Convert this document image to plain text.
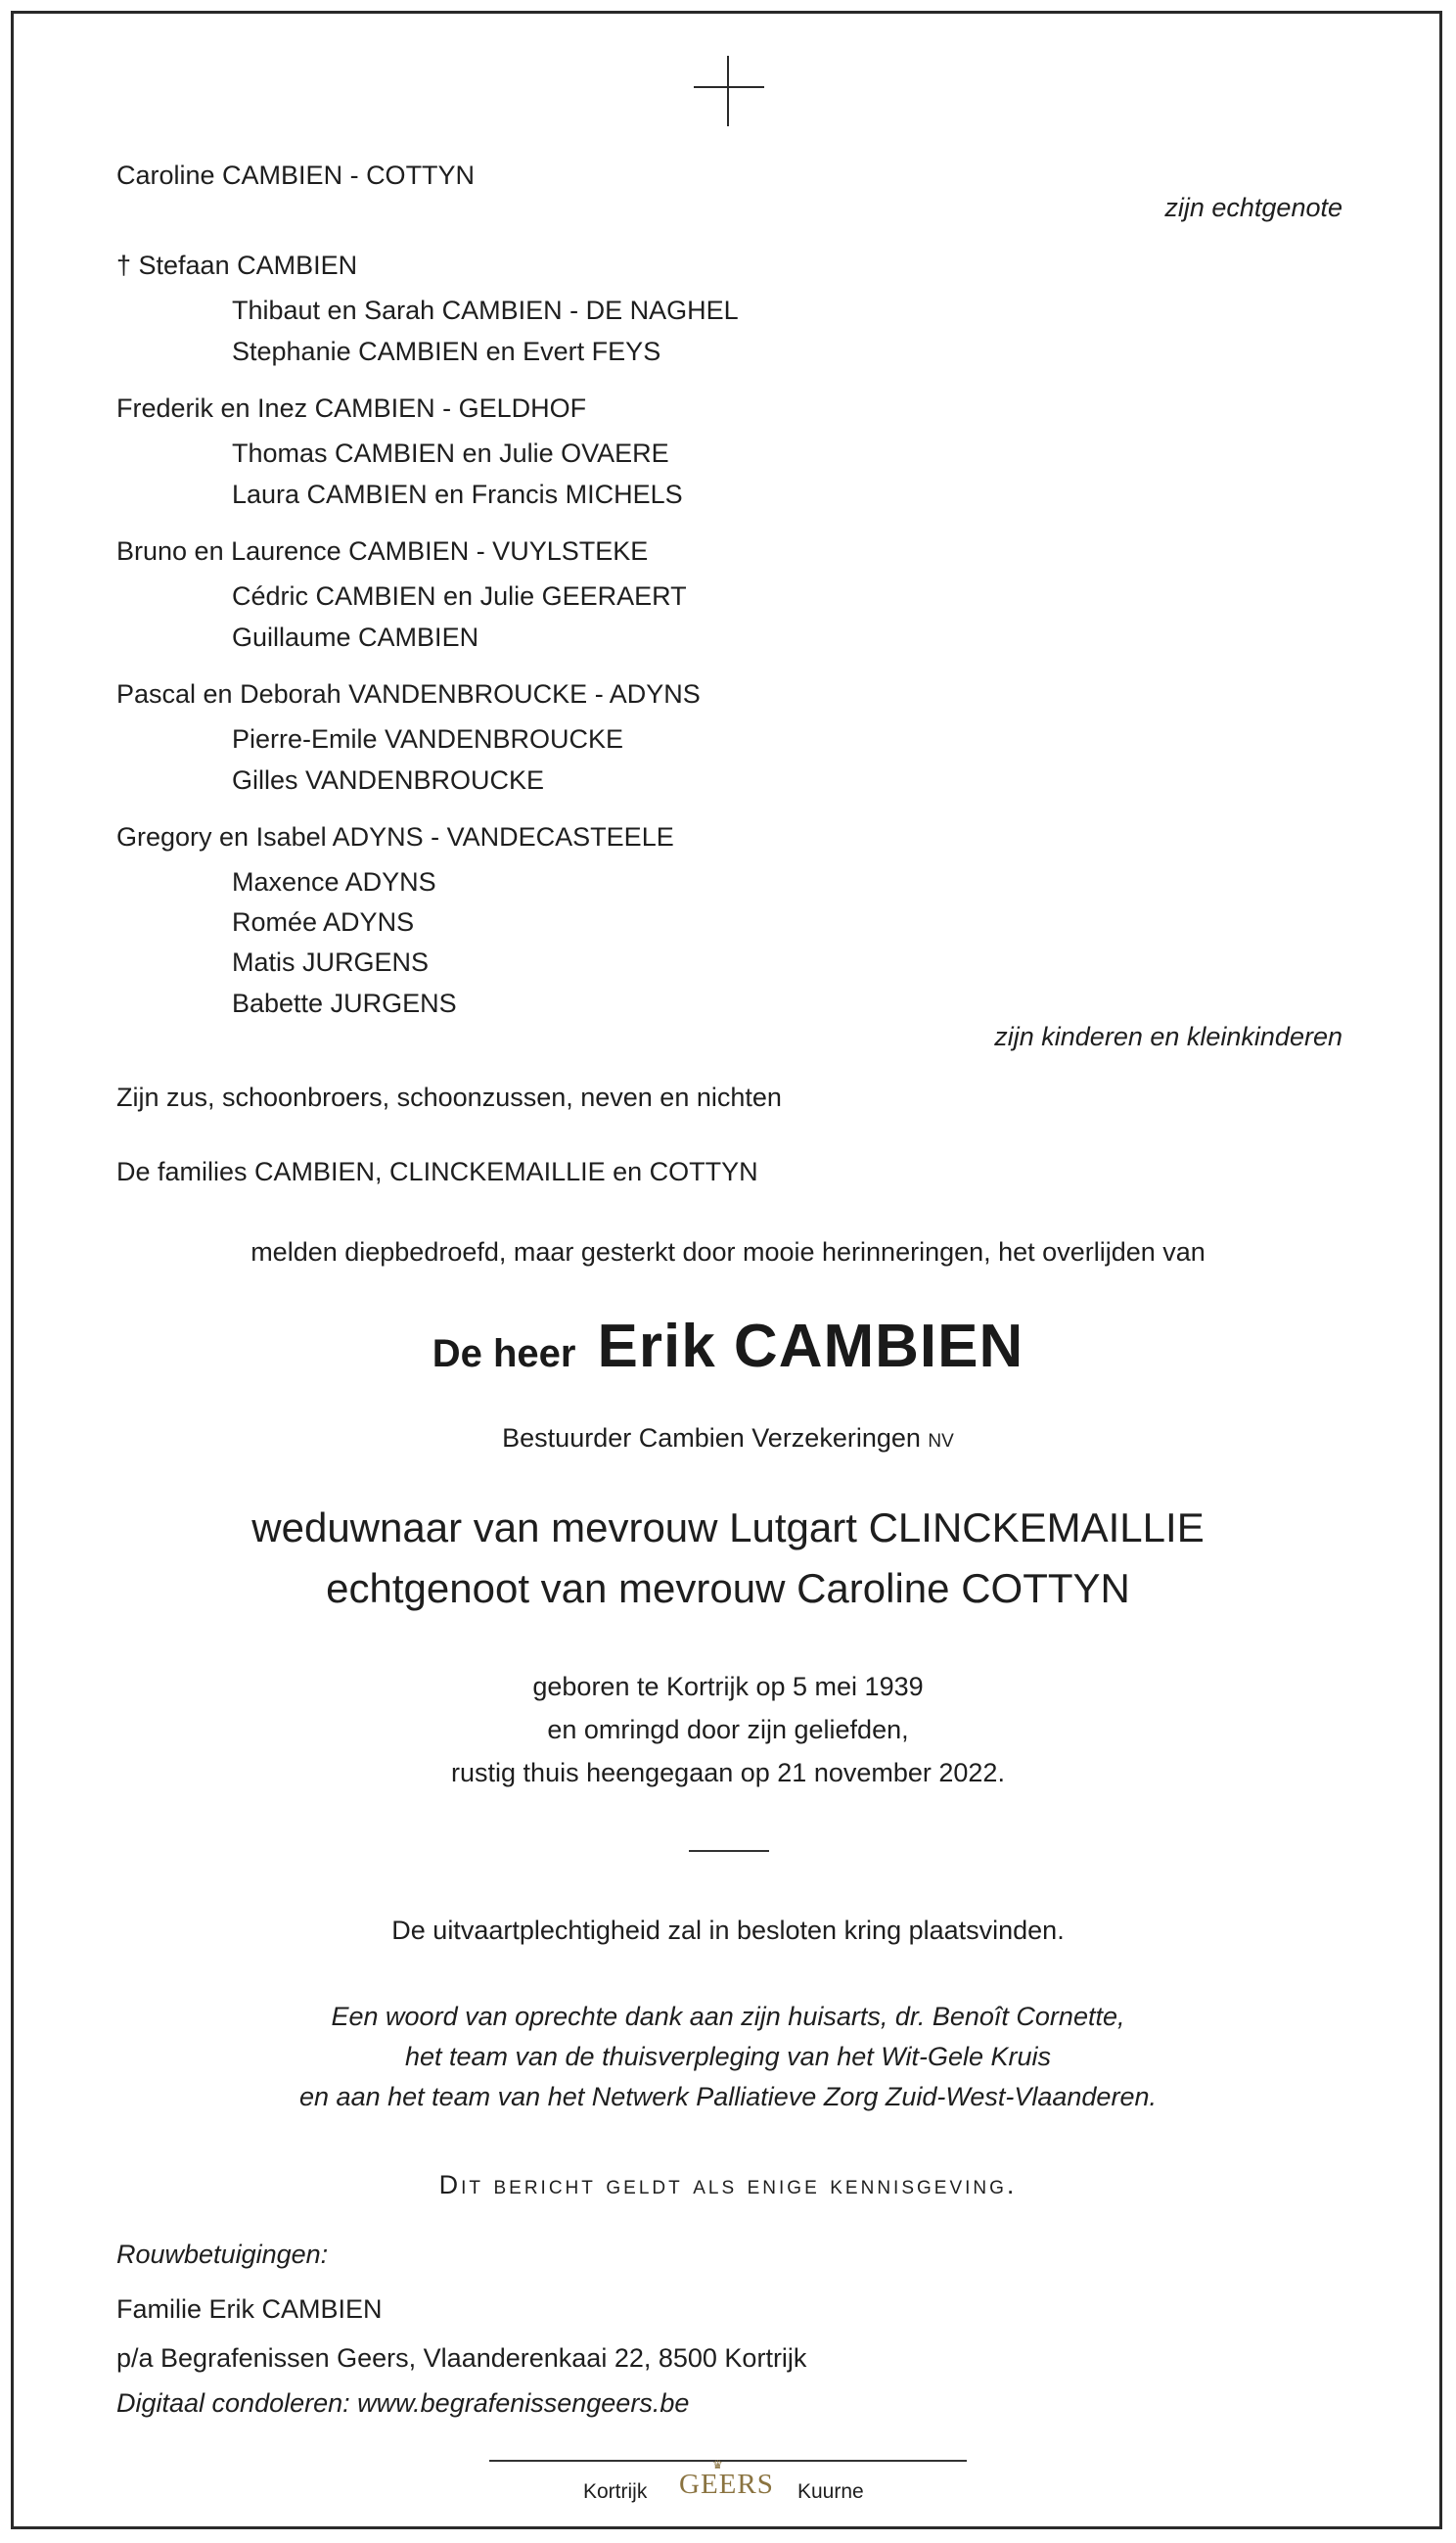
Caroline CAMBIEN - COTTYN
zijn echtgenote
† Stefaan CAMBIEN
Thibaut en Sarah CAMBIEN - DE NAGHEL
Stephanie CAMBIEN en Evert FEYS
Frederik en Inez CAMBIEN - GELDHOF
Thomas CAMBIEN en Julie OVAERE
Laura CAMBIEN en Francis MICHELS
Bruno en Laurence CAMBIEN - VUYLSTEKE
Cédric CAMBIEN en Julie GEERAERT
Guillaume CAMBIEN
Pascal en Deborah VANDENBROUCKE - ADYNS
Pierre-Emile VANDENBROUCKE
Gilles VANDENBROUCKE
Gregory en Isabel ADYNS - VANDECASTEELE
Maxence ADYNS
Romée ADYNS
Matis JURGENS
Babette JURGENS
zijn kinderen en kleinkinderen
Zijn zus, schoonbroers, schoonzussen, neven en nichten
De families CAMBIEN, CLINCKEMAILLIE en COTTYN
melden diepbedroefd, maar gesterkt door mooie herinneringen, het overlijden van
De heer Erik CAMBIEN
Bestuurder Cambien Verzekeringen NV
weduwnaar van mevrouw Lutgart CLINCKEMAILLIE
echtgenoot van mevrouw Caroline COTTYN
geboren te Kortrijk op 5 mei 1939
en omringd door zijn geliefden,
rustig thuis heengegaan op 21 november 2022.
De uitvaartplechtigheid zal in besloten kring plaatsvinden.
Een woord van oprechte dank aan zijn huisarts, dr. Benoît Cornette,
het team van de thuisverpleging van het Wit-Gele Kruis
en aan het team van het Netwerk Palliatieve Zorg Zuid-West-Vlaanderen.
Dit bericht geldt als enige kennisgeving.
Rouwbetuigingen:
Familie Erik CAMBIEN
p/a Begrafenissen Geers, Vlaanderenkaai 22, 8500 Kortrijk
Digitaal condoleren: www.begrafenissengeers.be
Kortrijk
♛
GEERS Kuurne
